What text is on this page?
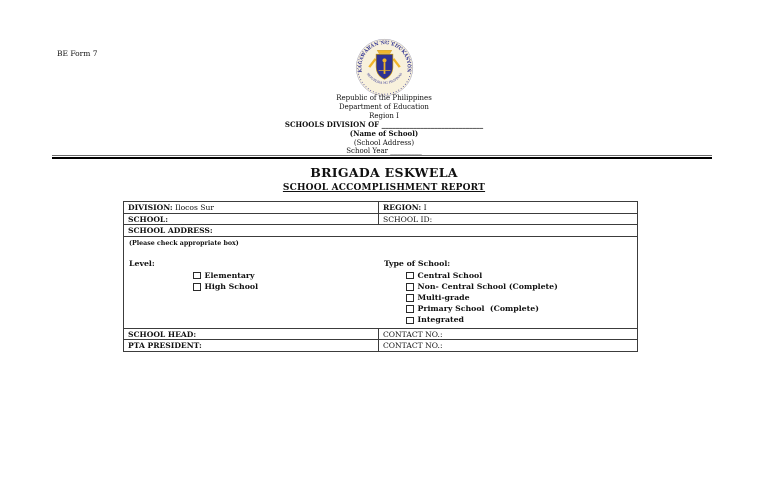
BE Form 7
KAGAWARAN NG EDUKASYON
REPUBLIKA NG PILIPINAS
Republic of the Philippines
Department of Education
Region I
SCHOOLS DIVISION OF _____________________________
(Name of School)
(School Address)
School Year _________
BRIGADA ESKWELA
SCHOOL ACCOMPLISHMENT REPORT
DIVISION: Ilocos Sur	REGION: I
SCHOOL:	SCHOOL ID:
SCHOOL ADDRESS:	

(Please check appropriate box)
Level:
Elementary
High School
Type of School:
Central School
Non- Central School (Complete)
Multi-grade
Primary School  (Complete)
Integrated

SCHOOL HEAD:	CONTACT NO.:
PTA PRESIDENT:	CONTACT NO.:
